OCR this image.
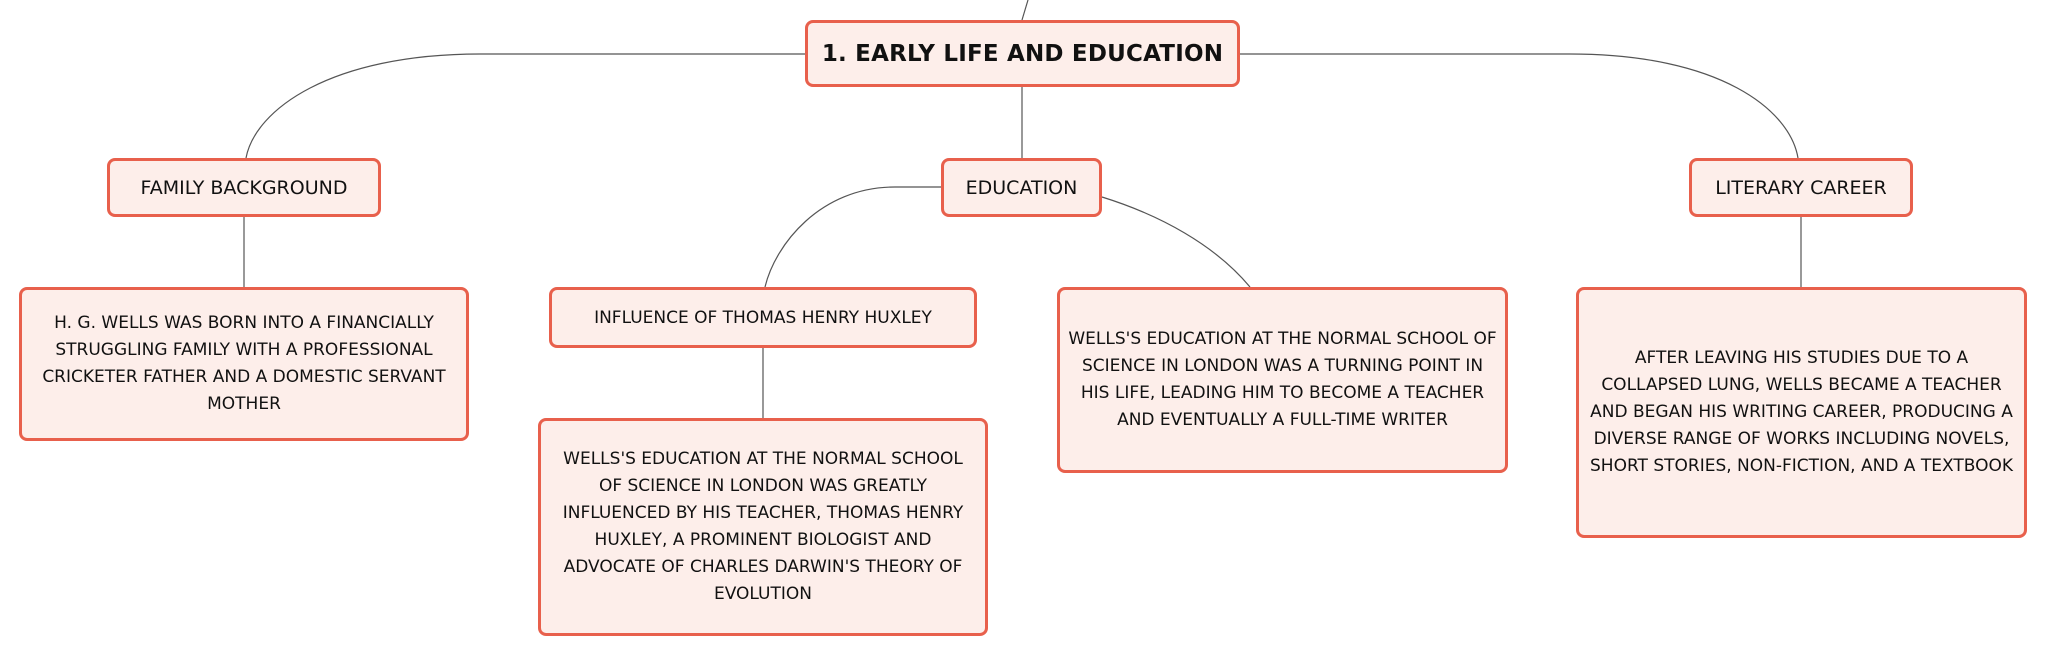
1. EARLY LIFE AND EDUCATION
FAMILY BACKGROUND	EDUCATION	LITERARY CAREER
H. G. WELLS WAS BORN INTO A FINANCIALLY STRUGGLING FAMILY WITH A PROFESSIONAL CRICKETER FATHER AND A DOMESTIC SERVANT MOTHER
INFLUENCE OF THOMAS HENRY HUXLEY
WELLS'S EDUCATION AT THE NORMAL SCHOOL OF SCIENCE IN LONDON WAS A TURNING POINT IN HIS LIFE, LEADING HIM TO BECOME A TEACHER AND EVENTUALLY A FULL-TIME WRITER
AFTER LEAVING HIS STUDIES DUE TO A COLLAPSED LUNG, WELLS BECAME A TEACHER AND BEGAN HIS WRITING CAREER, PRODUCING A DIVERSE RANGE OF WORKS INCLUDING NOVELS, SHORT STORIES, NON-FICTION, AND A TEXTBOOK
WELLS'S EDUCATION AT THE NORMAL SCHOOL OF SCIENCE IN LONDON WAS GREATLY INFLUENCED BY HIS TEACHER, THOMAS HENRY HUXLEY, A PROMINENT BIOLOGIST AND ADVOCATE OF CHARLES DARWIN'S THEORY OF EVOLUTION
